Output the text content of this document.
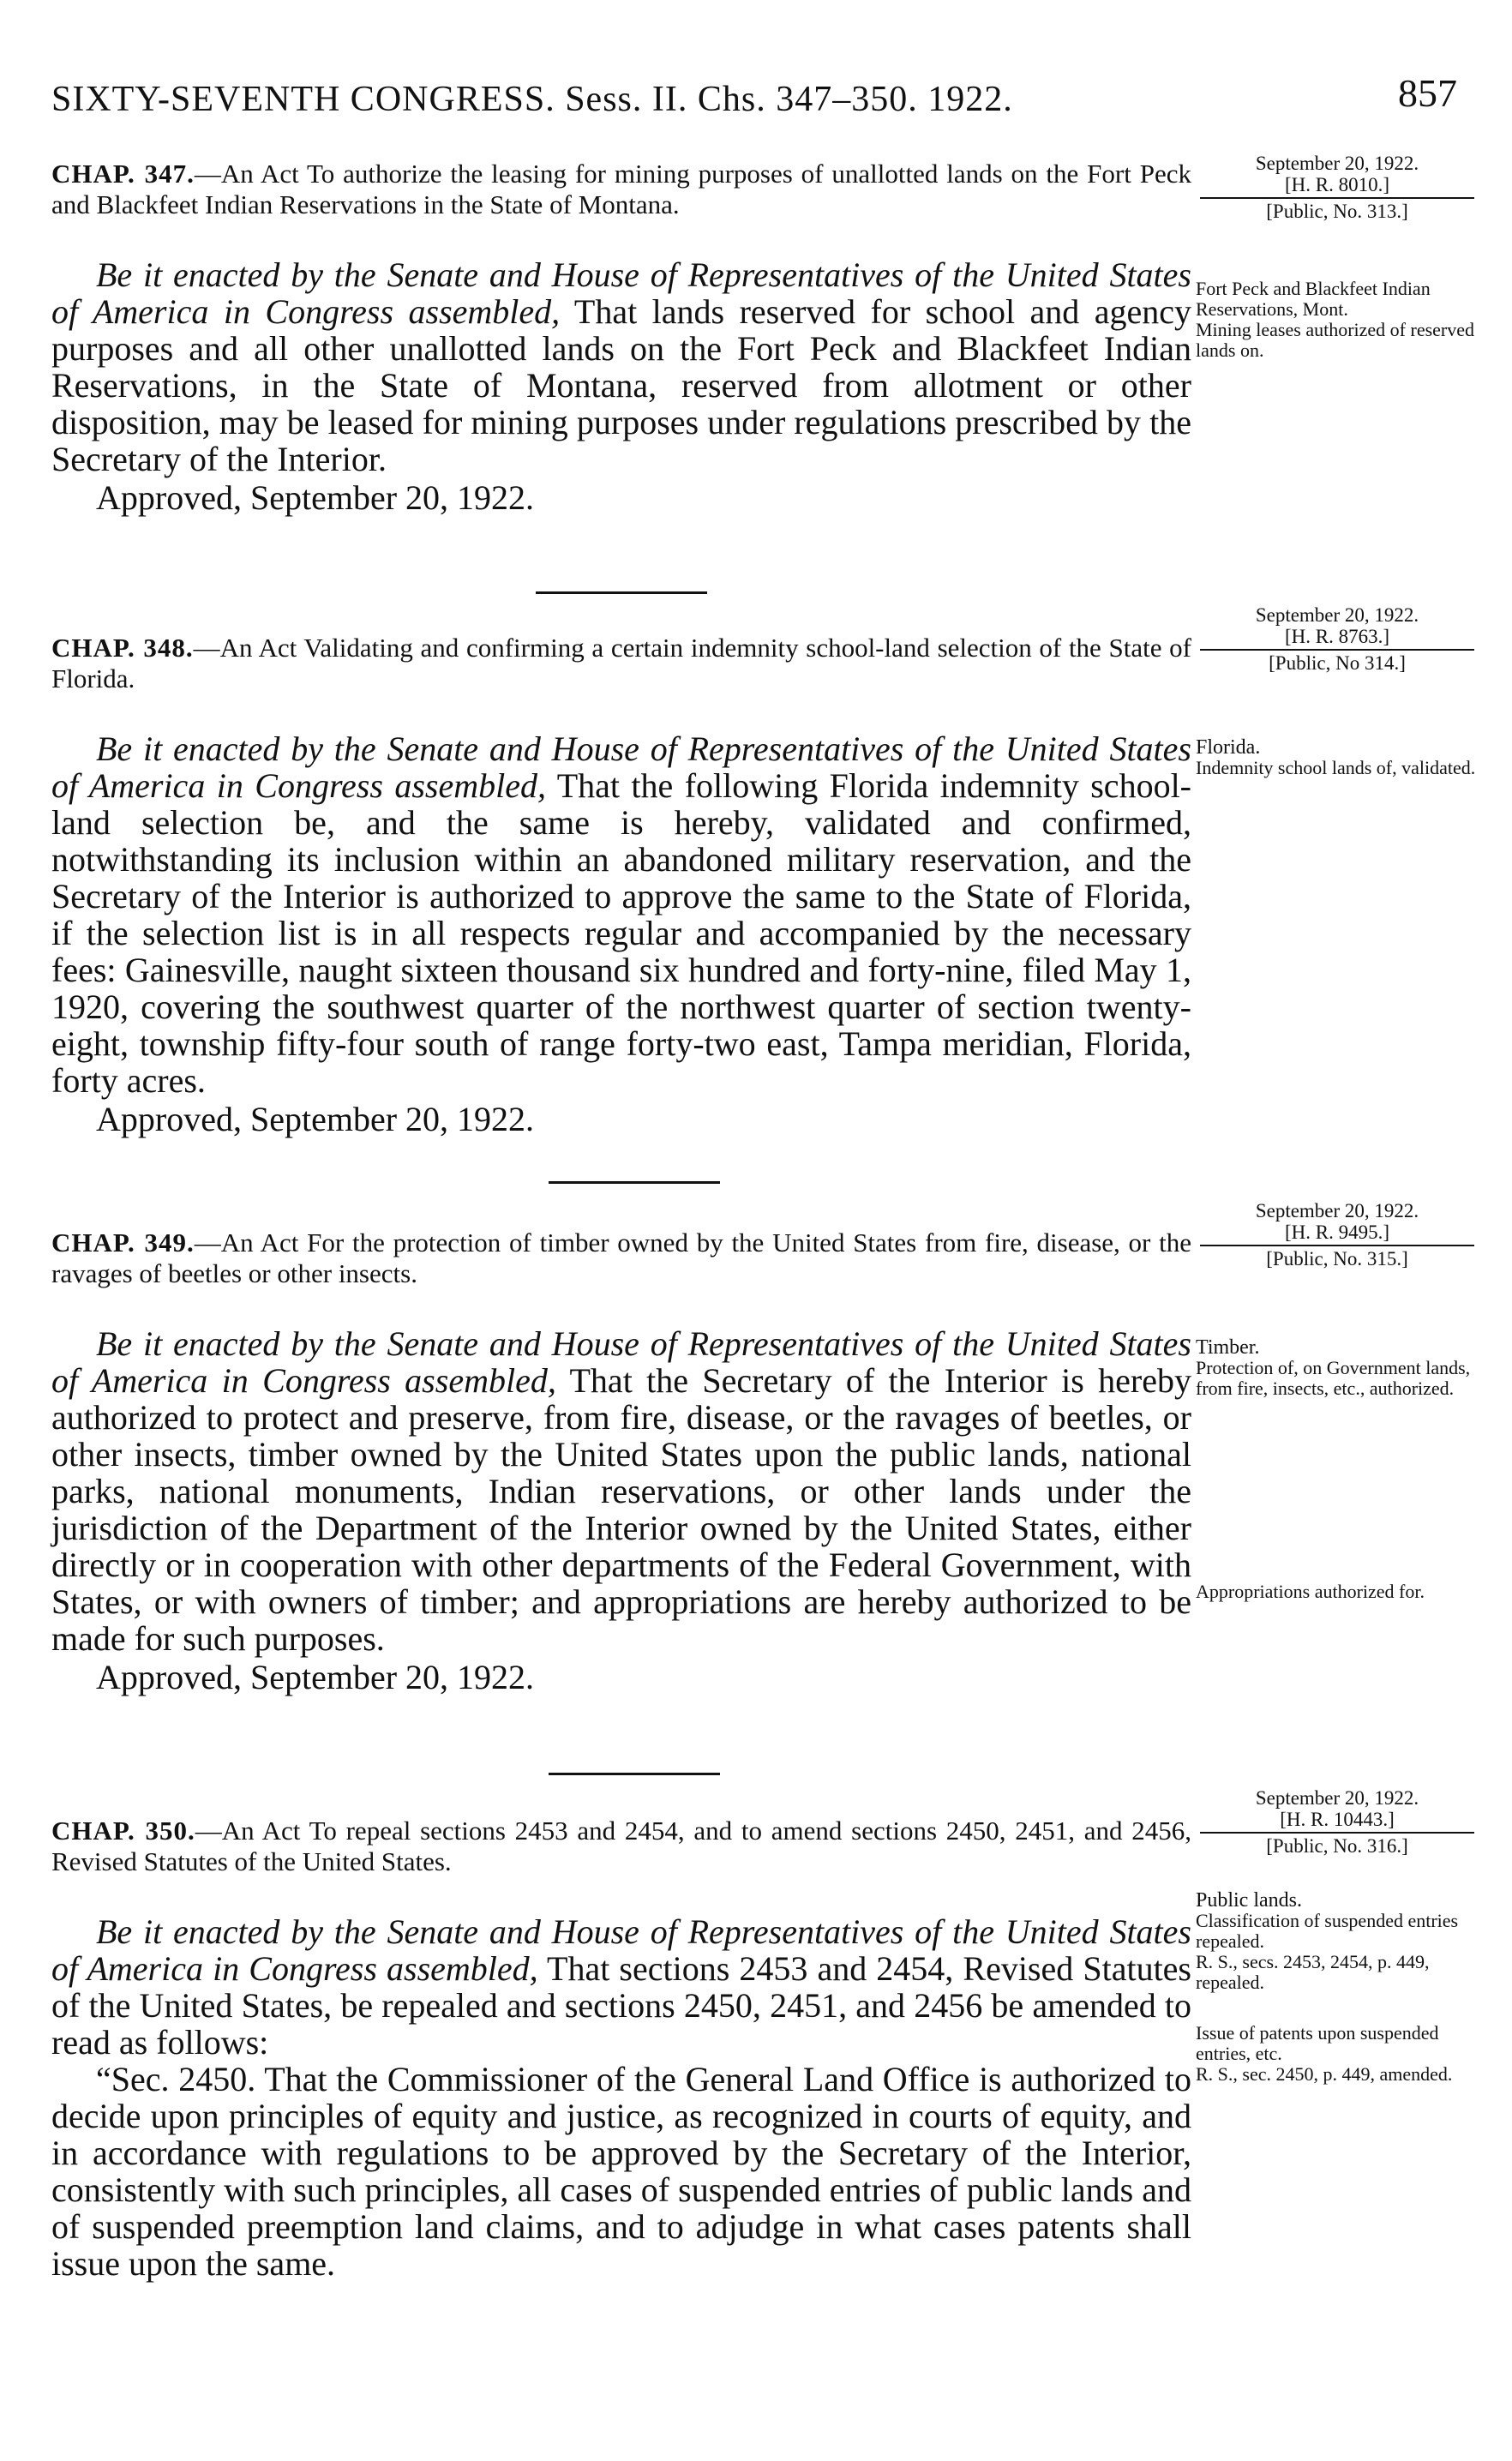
SIXTY-SEVENTH CONGRESS. Sess. II. Chs. 347–350. 1922.	857
CHAP. 347.—An Act To authorize the leasing for mining purposes of unallotted lands on the Fort Peck and Blackfeet Indian Reservations in the State of Montana.

Be it enacted by the Senate and House of Representatives of the United States of America in Congress assembled, That lands reserved for school and agency purposes and all other unallotted lands on the Fort Peck and Blackfeet Indian Reservations, in the State of Montana, reserved from allotment or other disposition, may be leased for mining purposes under regulations prescribed by the Secretary of the Interior.

Approved, September 20, 1922.
September 20, 1922.
[H. R. 8010.]
[Public, No. 313.]
Fort Peck and Blackfeet Indian Reservations, Mont.
Mining leases authorized of reserved lands on.
CHAP. 348.—An Act Validating and confirming a certain indemnity school-land selection of the State of Florida.

Be it enacted by the Senate and House of Representatives of the United States of America in Congress assembled, That the following Florida indemnity school-land selection be, and the same is hereby, validated and confirmed, notwithstanding its inclusion within an abandoned military reservation, and the Secretary of the Interior is authorized to approve the same to the State of Florida, if the selection list is in all respects regular and accompanied by the necessary fees: Gainesville, naught sixteen thousand six hundred and forty-nine, filed May 1, 1920, covering the southwest quarter of the northwest quarter of section twenty-eight, township fifty-four south of range forty-two east, Tampa meridian, Florida, forty acres.

Approved, September 20, 1922.
September 20, 1922.
[H. R. 8763.]
[Public, No 314.]
Florida.
Indemnity school lands of, validated.
CHAP. 349.—An Act For the protection of timber owned by the United States from fire, disease, or the ravages of beetles or other insects.

Be it enacted by the Senate and House of Representatives of the United States of America in Congress assembled, That the Secretary of the Interior is hereby authorized to protect and preserve, from fire, disease, or the ravages of beetles, or other insects, timber owned by the United States upon the public lands, national parks, national monuments, Indian reservations, or other lands under the jurisdiction of the Department of the Interior owned by the United States, either directly or in cooperation with other departments of the Federal Government, with States, or with owners of timber; and appropriations are hereby authorized to be made for such purposes.

Approved, September 20, 1922.
September 20, 1922.
[H. R. 9495.]
[Public, No. 315.]
Timber.
Protection of, on Government lands, from fire, insects, etc., authorized.
Appropriations authorized for.
CHAP. 350.—An Act To repeal sections 2453 and 2454, and to amend sections 2450, 2451, and 2456, Revised Statutes of the United States.

Be it enacted by the Senate and House of Representatives of the United States of America in Congress assembled, That sections 2453 and 2454, Revised Statutes of the United States, be repealed and sections 2450, 2451, and 2456 be amended to read as follows:

“Sec. 2450. That the Commissioner of the General Land Office is authorized to decide upon principles of equity and justice, as recognized in courts of equity, and in accordance with regulations to be approved by the Secretary of the Interior, consistently with such principles, all cases of suspended entries of public lands and of suspended preemption land claims, and to adjudge in what cases patents shall issue upon the same.

September 20, 1922.
[H. R. 10443.]
[Public, No. 316.]
Public lands.
Classification of suspended entries repealed.
R. S., secs. 2453, 2454, p. 449, repealed.
Issue of patents upon suspended entries, etc.
R. S., sec. 2450, p. 449, amended.
